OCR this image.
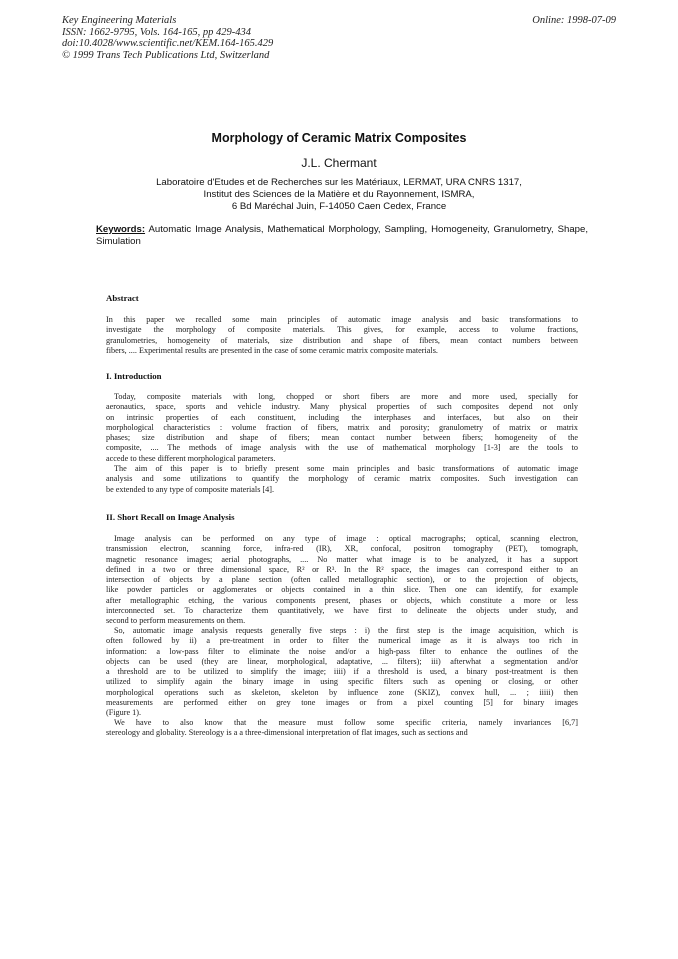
Key Engineering Materials
ISSN: 1662-9795, Vols. 164-165, pp 429-434
doi:10.4028/www.scientific.net/KEM.164-165.429
© 1999 Trans Tech Publications Ltd, Switzerland
Online: 1998-07-09
Morphology of Ceramic Matrix Composites
J.L. Chermant
Laboratoire d'Etudes et de Recherches sur les Matériaux, LERMAT, URA CNRS 1317,
Institut des Sciences de la Matière et du Rayonnement, ISMRA,
6 Bd Maréchal Juin, F-14050 Caen Cedex, France
Keywords: Automatic Image Analysis, Mathematical Morphology, Sampling, Homogeneity, Granulometry, Shape, Simulation
Abstract
In this paper we recalled some main principles of automatic image analysis and basic transformations to
investigate the morphology of composite materials. This gives, for example, access to volume fractions,
granulometries, homogeneity of materials, size distribution and shape of fibers, mean contact numbers between
fibers, .... Experimental results are presented in the case of some ceramic matrix composite materials.
I. Introduction
Today, composite materials with long, chopped or short fibers are more and more used, specially for
aeronautics, space, sports and vehicle industry. Many physical properties of such composites depend not only
on intrinsic properties of each constituent, including the interphases and interfaces, but also on their
morphological characteristics : volume fraction of fibers, matrix and porosity; granulometry of matrix or matrix
phases; size distribution and shape of fibers; mean contact number between fibers; homogeneity of the
composite, .... The methods of image analysis with the use of mathematical morphology [1-3] are the tools to
accede to these different morphological parameters.
The aim of this paper is to briefly present some main principles and basic transformations of automatic image
analysis and some utilizations to quantify the morphology of ceramic matrix composites. Such investigation can
be extended to any type of composite materials [4].
II. Short Recall on Image Analysis
Image analysis can be performed on any type of image : optical macrographs; optical, scanning electron,
transmission electron, scanning force, infra-red (IR), XR, confocal, positron tomography (PET), tomograph,
magnetic resonance images; aerial photographs, .... No matter what image is to be analyzed, it has a support
defined in a two or three dimensional space, R² or R³. In the R² space, the images can correspond either to an
intersection of objects by a plane section (often called metallographic section), or to the projection of objects,
like powder particles or agglomerates or objects contained in a thin slice. Then one can identify, for example
after metallographic etching, the various components present, phases or objects, which constitute a more or less
interconnected set. To characterize them quantitatively, we have first to delineate the objects under study, and
second to perform measurements on them.
So, automatic image analysis requests generally five steps : i) the first step is the image acquisition, which is
often followed by ii) a pre-treatment in order to filter the numerical image as it is always too rich in
information: a low-pass filter to eliminate the noise and/or a high-pass filter to enhance the outlines of the
objects can be used (they are linear, morphological, adaptative, ... filters); iii) afterwhat a segmentation and/or
a threshold are to be utilized to simplify the image; iiii) if a threshold is used, a binary post-treatment is then
utilized to simplify again the binary image in using specific filters such as opening or closing, or other
morphological operations such as skeleton, skeleton by influence zone (SKIZ), convex hull, ... ; iiiii) then
measurements are performed either on grey tone images or from a pixel counting [5] for binary images
(Figure 1).
We have to also know that the measure must follow some specific criteria, namely invariances [6,7]
stereology and globality. Stereology is a a three-dimensional interpretation of flat images, such as sections and
